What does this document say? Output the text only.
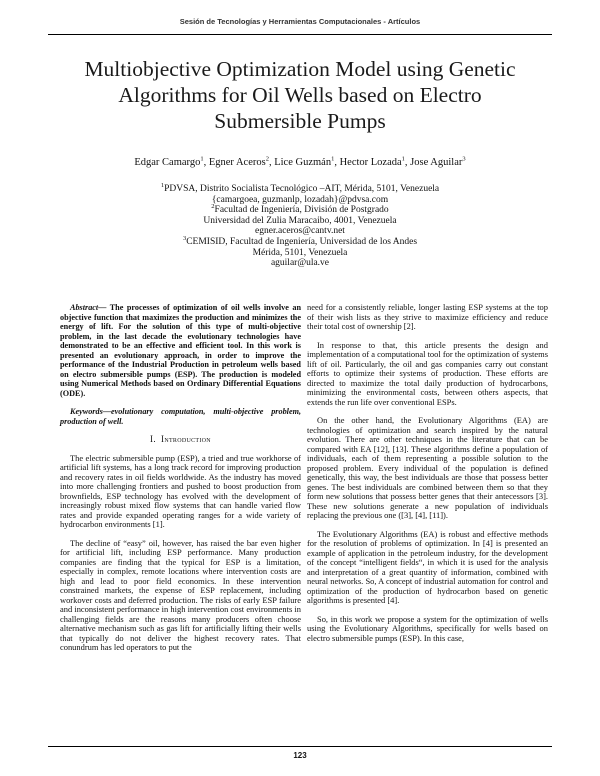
Sesión de Tecnologías y Herramientas Computacionales - Artículos
Multiobjective Optimization Model using Genetic
Algorithms for Oil Wells based on Electro
Submersible Pumps
Edgar Camargo$^1$, Egner Aceros$^2$, Lice Guzmán$^1$, Hector Lozada$^1$, Jose Aguilar$^3$
$^1$PDVSA, Distrito Socialista Tecnológico –AIT, Mérida, 5101, Venezuela
{camargoea, guzmanlp, lozadah}@pdvsa.com
$^2$Facultad de Ingeniería, División de Postgrado
Universidad del Zulia Maracaibo, 4001, Venezuela
egner.aceros@cantv.net
$^3$CEMISID, Facultad de Ingeniería, Universidad de los Andes
Mérida, 5101, Venezuela
aguilar@ula.ve

Abstract— The processes of optimization of oil wells involve an objective function that maximizes the production and minimizes the energy of lift. For the solution of this type of multi-objective problem, in the last decade the evolutionary technologies have demonstrated to be an effective and efficient tool. In this work is presented an evolutionary approach, in order to improve the performance of the Industrial Production in petroleum wells based on electro submersible pumps (ESP). The production is modeled using Numerical Methods based on Ordinary Differential Equations (ODE).

Keywords—evolutionary computation, multi-objective problem, production of well.

I. Introduction

The electric submersible pump (ESP), a tried and true workhorse of artificial lift systems, has a long track record for improving production and recovery rates in oil fields worldwide. As the industry has moved into more challenging frontiers and pushed to boost production from brownfields, ESP technology has evolved with the development of increasingly robust mixed flow systems that can handle varied flow rates and provide expanded operating ranges for a wide variety of hydrocarbon environments [1].

The decline of “easy” oil, however, has raised the bar even higher for artificial lift, including ESP performance. Many production companies are finding that the typical for ESP is a limitation, especially in complex, remote locations where intervention costs are high and lead to poor field economics. In these intervention constrained markets, the expense of ESP replacement, including workover costs and deferred production. The risks of early ESP failure and inconsistent performance in high intervention cost environments in challenging fields are the reasons many producers often choose alternative mechanism such as gas lift for artificially lifting their wells that typically do not deliver the highest recovery rates. That conundrum has led operators to put the

need for a consistently reliable, longer lasting ESP systems at the top of their wish lists as they strive to maximize efficiency and reduce their total cost of ownership [2].

In response to that, this article presents the design and implementation of a computational tool for the optimization of systems lift of oil. Particularly, the oil and gas companies carry out constant efforts to optimize their systems of production. These efforts are directed to maximize the total daily production of hydrocarbons, minimizing the environmental costs, between others aspects, that extends the run life over conventional ESPs.

On the other hand, the Evolutionary Algorithms (EA) are technologies of optimization and search inspired by the natural evolution. There are other techniques in the literature that can be compared with EA [12], [13]. These algorithms define a population of individuals, each of them representing a possible solution to the proposed problem. Every individual of the population is defined genetically, this way, the best individuals are those that possess better genes. The best individuals are combined between them so that they form new solutions that possess better genes that their antecessors [3]. These new solutions generate a new population of individuals replacing the previous one ([3], [4], [11]).

The Evolutionary Algorithms (EA) is robust and effective methods for the resolution of problems of optimization. In [4] is presented an example of application in the petroleum industry, for the development of the concept “intelligent fields“, in which it is used for the analysis and interpretation of a great quantity of information, combined with neural networks. So, A concept of industrial automation for control and optimization of the production of hydrocarbon based on genetic algorithms is presented [4].

So, in this work we propose a system for the optimization of wells using the Evolutionary Algorithms, specifically for wells based on electro submersible pumps (ESP). In this case,

123
